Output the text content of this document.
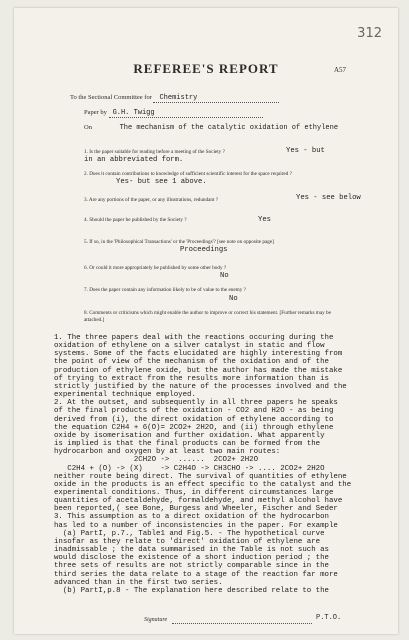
312
REFEREE'S REPORT	A57
To the Sectional Committee for Chemistry
Paper by G.H. Twigg
On	The mechanism of the catalytic oxidation of ethylene
1. Is the paper suitable for reading before a meeting of the Society ?	Yes - but
in an abbreviated form.
2. Does it contain contributions to knowledge of sufficient scientific interest for the space required ?
Yes- but see 1 above.
3. Are any portions of the paper, or any illustrations, redundant ?	Yes - see below
4. Should the paper be published by the Society ?	Yes
5. If so, in the 'Philosophical Transactions' or the 'Proceedings'? [see note on opposite page]
Proceedings
6. Or could it more appropriately be published by some other body ?
No
7. Does the paper contain any information likely to be of value to the enemy ?
No
8. Comments or criticisms which might enable the author to improve or correct his statement. [Further remarks may be attached.]

1. The three papers deal with the reactions occuring during the

oxidation of ethylene on a silver catalyst in static and flow

systems. Some of the facts elucidated are highly interesting from

the point of view of the mechanism of the oxidation and of the

production of ethylene oxide, but the author has made the mistake

of trying to extract from the results more information than is

strictly justified by the nature of the processes involved and the

experimental technique employed.

2. At the outset, and subsequently in all three papers he speaks

of the final products of the oxidation - CO2 and H2O - as being

derived from (i), the direct oxidation of ethylene according to

the equation C2H4 + 6(O)= 2CO2+ 2H2O, and (ii) through ethylene

oxide by isomerisation and further oxidation. What apparently

is implied is that the final products can be formed from the

hydrocarbon and oxygen by at least two main routes:

2CH2O ->  ......  2CO2+ 2H2O

C2H4 + (O) -> (X)    -> C2H4O -> CH3CHO -> .... 2CO2+ 2H2O

neither route being direct. The survival of quantities of ethylene

oxide in the products is an effect specific to the catalyst and the

experimental conditions. Thus, in different circumstances large

quantities of acetaldehyde, formaldehyde, and methyl alcohol have

been reported,( see Bone, Burgess and Wheeler, Fischer and Seder

3. This assumption as to a direct oxidation of the hydrocarbon

has led to a number of inconsistencies in the paper. For example

(a) PartI, p.7., Table1 and Fig.5. - The hypothetical curve

insofar as they relate to 'direct' oxidation of ethylene are

inadmissable ; the data summarised in the Table is not such as

would disclose the existence of a short induction period ; the

three sets of results are not strictly comparable since in the

third series the data relate to a stage of the reaction far more

advanced than in the first two series.

(b) PartI,p.8 - The explanation here described relate to the

Signature	P.T.O.
